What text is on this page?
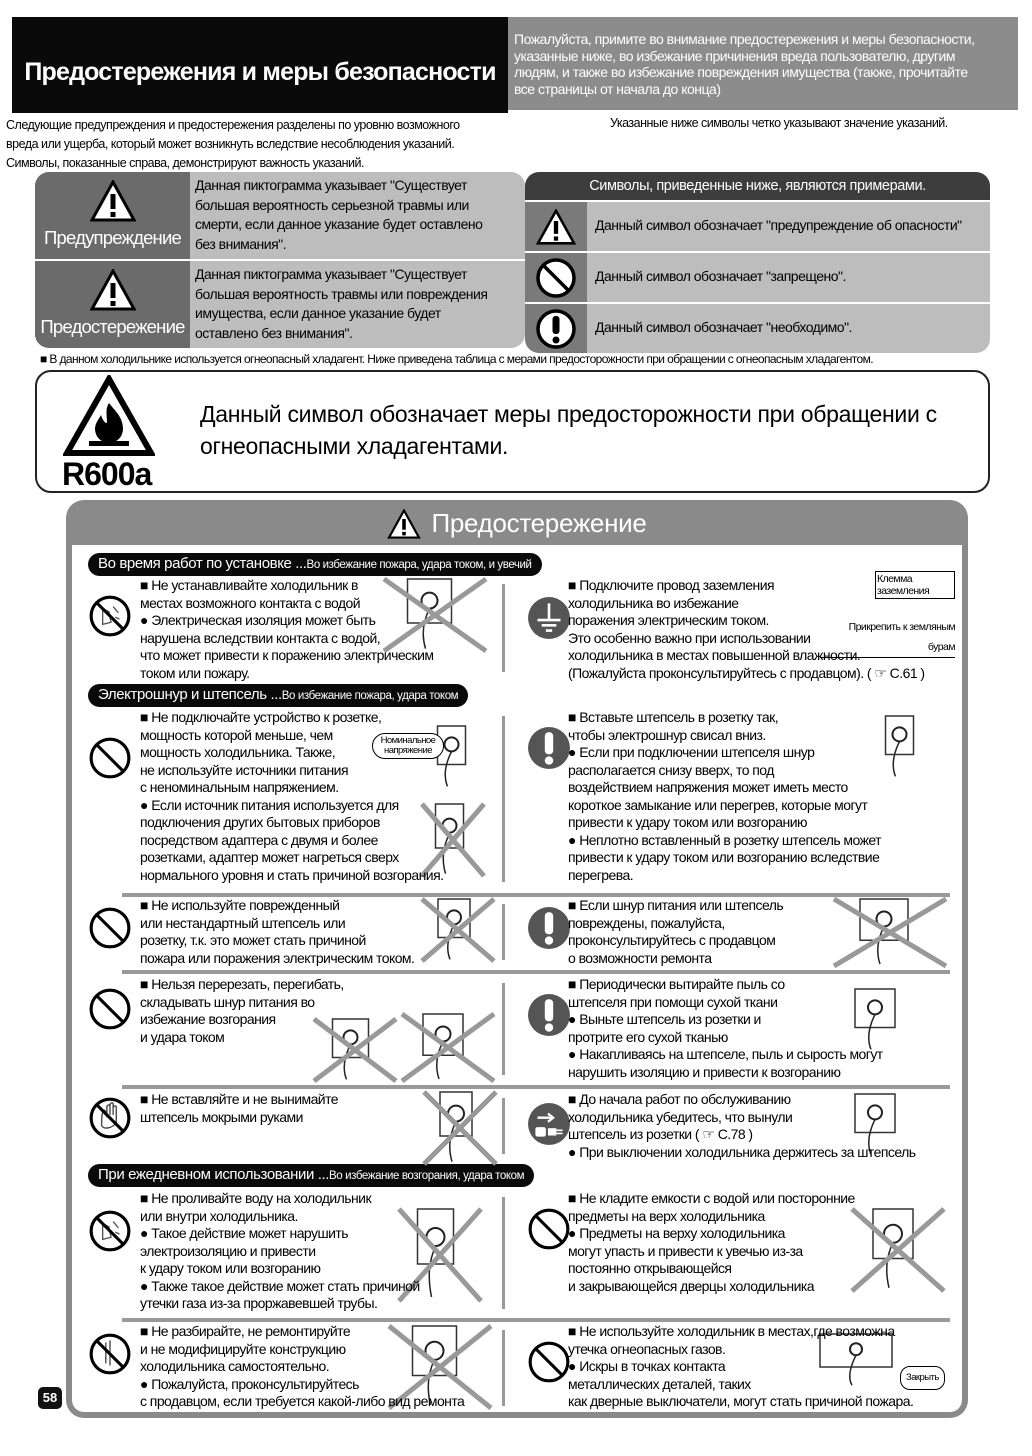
Предостережения и меры безопасности
Пожалуйста, примите во внимание предостережения и меры безопасности,
указанные ниже, во избежание причинения вреда пользователю, другим
людям, и также во избежание повреждения имущества (также, прочитайте
все страницы от начала до конца)
Следующие предупреждения и предостережения разделены по уровню возможного
вреда или ущерба, который может возникнуть вследствие несоблюдения указаний.
Символы, показанные справа, демонстрируют важность указаний.
Указанные ниже символы четко указывают значение указаний.
Предупреждение
Данная пиктограмма указывает "Существует
большая вероятность серьезной травмы или
смерти, если данное указание будет оставлено
без внимания".
Предостережение
Данная пиктограмма указывает "Существует
большая вероятность травмы или повреждения
имущества, если данное указание будет
оставлено без внимания".
Символы, приведенные ниже, являются примерами.
Данный символ обозначает "предупреждение об опасности"
Данный символ обозначает "запрещено".
Данный символ обозначает "необходимо".
■ В данном холодильнике используется огнеопасный хладагент. Ниже приведена таблица с мерами предосторожности при обращении с огнеопасным хладагентом.
R600a
Данный символ обозначает меры предосторожности при обращении с
огнеопасными хладагентами.
Предостережение
Во время работ по установке ...Во избежание пожара, удара током, и увечий
Электрошнур и штепсель ...Во избежание пожара, удара током
При ежедневном использовании ...Во избежание возгорания, удара током
■ Не устанавливайте холодильник в
местах возможного контакта с водой
● Электрическая изоляция может быть
нарушена вследствии контакта с водой,
что может привести к поражению электрическим
током или пожару.
■ Подключите провод заземления
холодильника во избежание
поражения электрическим током.
Это особенно важно при использовании
холодильника в местах повышенной влажности.
(Пожалуйста проконсультируйтесь с продавцом). ( ☞ C.61 )
■ Не подключайте устройство к розетке,
мощность которой меньше, чем
мощность холодильника. Также,
не используйте источники питания
с неноминальным напряжением.
● Если источник питания используется для
подключения других бытовых приборов
посредством адаптера с двумя и более
розетками, адаптер может нагреться сверх
нормального уровня и стать причиной возгорания.
■ Вставьте штепсель в розетку так,
чтобы электрошнур свисал вниз.
● Если при подключении штепселя шнур
располагается снизу вверх, то под
воздействием напряжения может иметь место
короткое замыкание или перегрев, которые могут
привести к удару током или возгоранию
● Неплотно вставленный в розетку штепсель может
привести к удару током или возгоранию вследствие
перегрева.
■ Не используйте поврежденный
или нестандартный штепсель или
розетку, т.к. это может стать причиной
пожара или поражения электрическим током.
■ Если шнур питания или штепсель
повреждены, пожалуйста,
проконсультируйтесь с продавцом
о возможности ремонта
■ Нельзя перерезать, перегибать,
складывать шнур питания во
избежание возгорания
и удара током
■ Периодически вытирайте пыль со
штепселя при помощи сухой ткани
● Выньте штепсель из розетки и
протрите его сухой тканью
● Накапливаясь на штепселе, пыль и сырость могут
нарушить изоляцию и привести к возгоранию
■ Не вставляйте и не вынимайте
штепсель мокрыми руками
■ До начала работ по обслуживанию
холодильника убедитесь, что вынули
штепсель из розетки ( ☞ C.78 )
● При выключении холодильника держитесь за штепсель
■ Не проливайте воду на холодильник
или внутри холодильника.
● Такое действие может нарушить
электроизоляцию и привести
к удару током или возгоранию
● Также такое действие может стать причиной
утечки газа из-за проржавевшей трубы.
■ Не кладите емкости с водой или посторонние
предметы на верх холодильника
● Предметы на верху холодильника
могут упасть и привести к увечью из-за
постоянно открывающейся
и закрывающейся дверцы холодильника
■ Не разбирайте, не ремонтируйте
и не модифицируйте конструкцию
холодильника самостоятельно.
● Пожалуйста, проконсультируйтесь
с продавцом, если требуется какой-либо вид ремонта
■ Не используйте холодильник в местах,где возможна
утечка огнеопасных газов.
● Искры в точках контакта
металлических деталей, таких
как дверные выключатели, могут стать причиной пожара.
Клемма заземления
Прикрепить к земляным бурам
Номинальное напряжение
Закрыть
58
